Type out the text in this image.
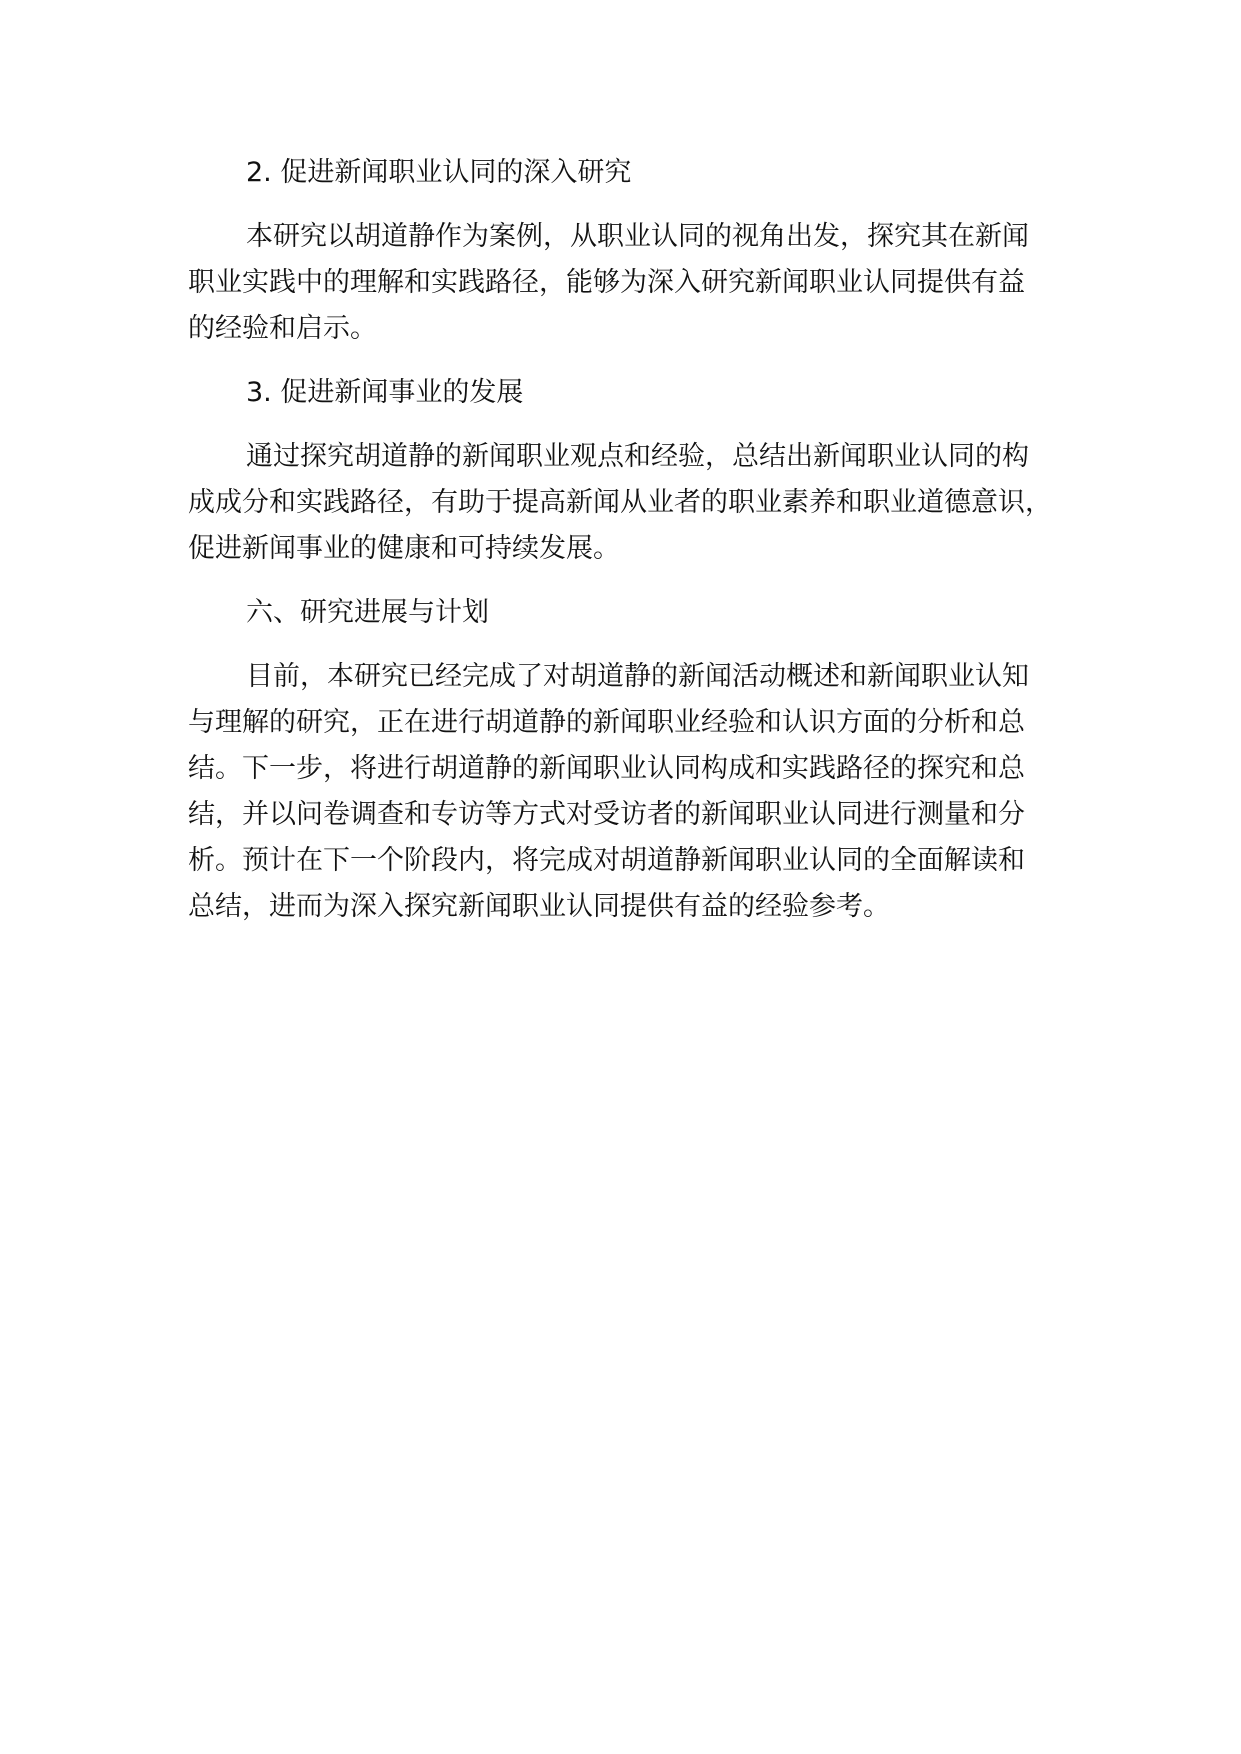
2. 促进新闻职业认同的深入研究

本研究以胡道静作为案例，从职业认同的视角出发，探究其在新闻
职业实践中的理解和实践路径，能够为深入研究新闻职业认同提供有益
的经验和启示。

3. 促进新闻事业的发展

通过探究胡道静的新闻职业观点和经验，总结出新闻职业认同的构
成成分和实践路径，有助于提高新闻从业者的职业素养和职业道德意识，
促进新闻事业的健康和可持续发展。

六、研究进展与计划

目前，本研究已经完成了对胡道静的新闻活动概述和新闻职业认知
与理解的研究，正在进行胡道静的新闻职业经验和认识方面的分析和总
结。下一步，将进行胡道静的新闻职业认同构成和实践路径的探究和总
结，并以问卷调查和专访等方式对受访者的新闻职业认同进行测量和分
析。预计在下一个阶段内，将完成对胡道静新闻职业认同的全面解读和
总结，进而为深入探究新闻职业认同提供有益的经验参考。
